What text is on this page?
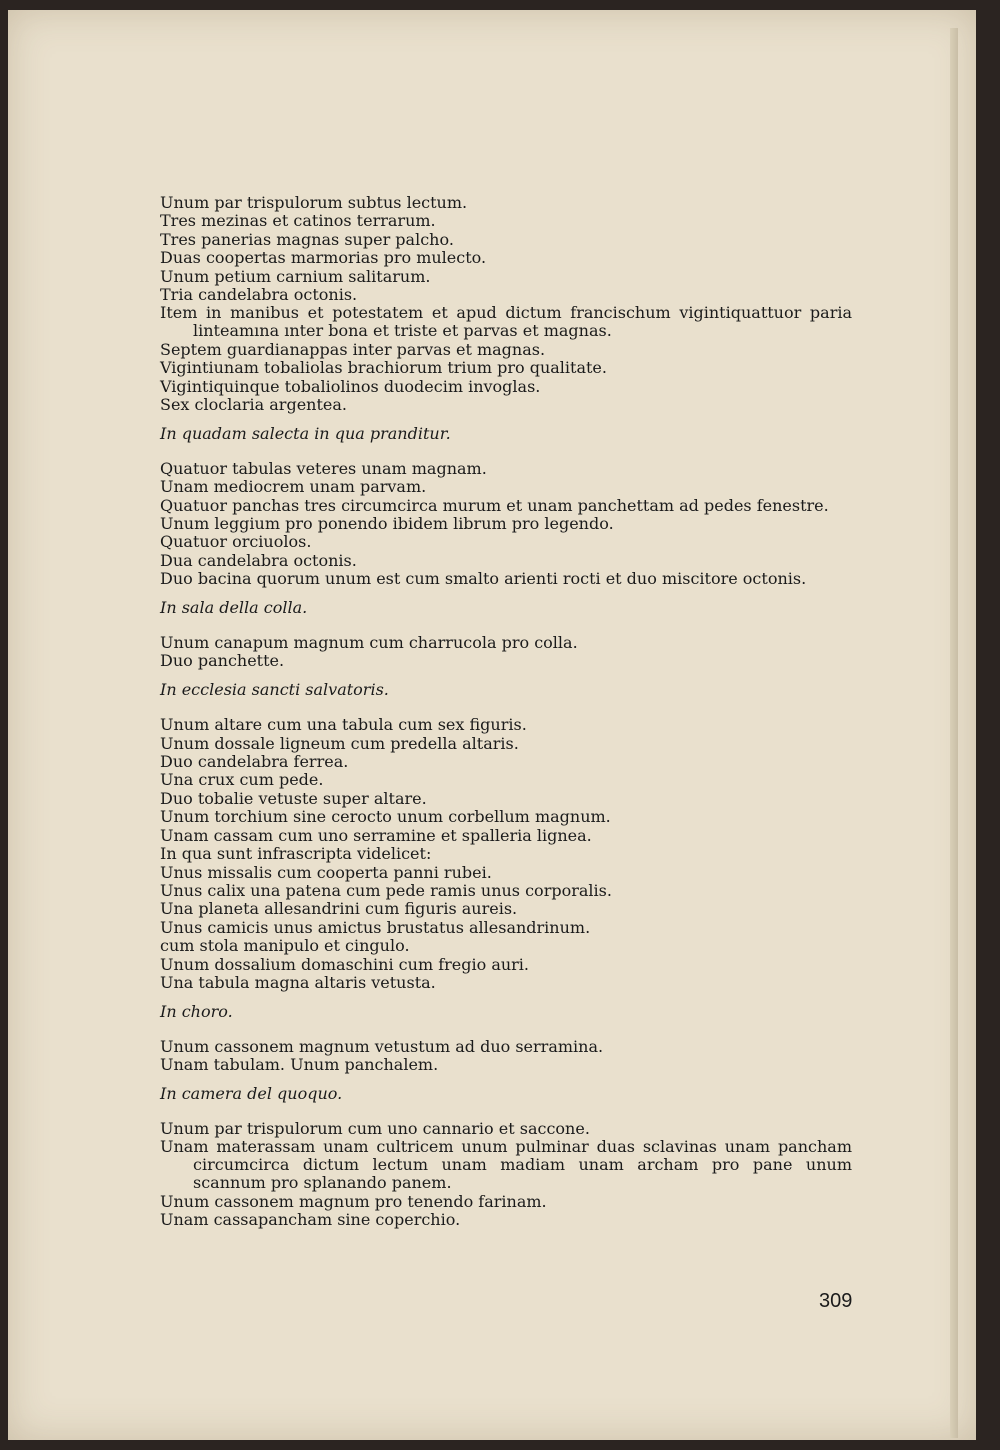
Unum par trispulorum subtus lectum.

Tres mezinas et catinos terrarum.

Tres panerias magnas super palcho.

Duas coopertas marmorias pro mulecto.

Unum petium carnium salitarum.

Tria candelabra octonis.

Item in manibus et potestatem et apud dictum francischum vigintiquattuor paria linteamına ınter bona et triste et parvas et magnas.

Septem guardianappas inter parvas et magnas.

Vigintiunam tobaliolas brachiorum trium pro qualitate.

Vigintiquinque tobaliolinos duodecim invoglas.

Sex cloclaria argentea.

In quadam salecta in qua pranditur.

Quatuor tabulas veteres unam magnam.

Unam mediocrem unam parvam.

Quatuor panchas tres circumcirca murum et unam panchettam ad pedes fenestre.

Unum leggium pro ponendo ibidem librum pro legendo.

Quatuor orciuolos.

Dua candelabra octonis.

Duo bacina quorum unum est cum smalto arienti rocti et duo miscitore octonis.

In sala della colla.

Unum canapum magnum cum charrucola pro colla.

Duo panchette.

In ecclesia sancti salvatoris.

Unum altare cum una tabula cum sex figuris.

Unum dossale ligneum cum predella altaris.

Duo candelabra ferrea.

Una crux cum pede.

Duo tobalie vetuste super altare.

Unum torchium sine cerocto unum corbellum magnum.

Unam cassam cum uno serramine et spalleria lignea.

In qua sunt infrascripta videlicet:

Unus missalis cum cooperta panni rubei.

Unus calix una patena cum pede ramis unus corporalis.

Una planeta allesandrini cum figuris aureis.

Unus camicis unus amictus brustatus allesandrinum.

cum stola manipulo et cingulo.

Unum dossalium domaschini cum fregio auri.

Una tabula magna altaris vetusta.

In choro.

Unum cassonem magnum vetustum ad duo serramina.

Unam tabulam. Unum panchalem.

In camera del quoquo.

Unum par trispulorum cum uno cannario et saccone.

Unam materassam unam cultricem unum pulminar duas sclavinas unam pancham circumcirca dictum lectum unam madiam unam archam pro pane unum scannum pro splanando panem.

Unum cassonem magnum pro tenendo farinam.

Unam cassapancham sine coperchio.

309
